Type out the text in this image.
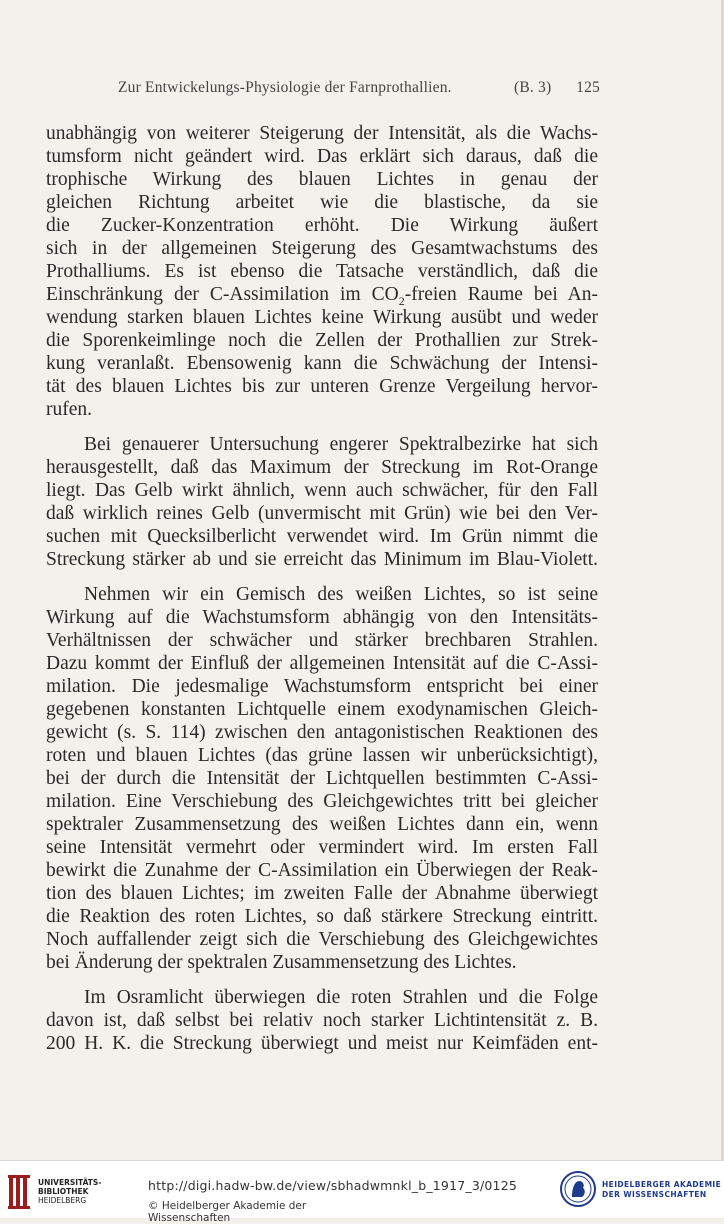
Zur Entwickelungs-Physiologie der Farnprothallien.	(B. 3) 125
unabhängig von weiterer Steigerung der Intensität, als die Wachs-
tumsform nicht geändert wird. Das erklärt sich daraus, daß die
trophische Wirkung des blauen Lichtes in genau der
gleichen Richtung arbeitet wie die blastische, da sie
die Zucker-Konzentration erhöht. Die Wirkung äußert
sich in der allgemeinen Steigerung des Gesamtwachstums des
Prothalliums. Es ist ebenso die Tatsache verständlich, daß die
Einschränkung der C-Assimilation im $CO_2$-freien Raume bei An-
wendung starken blauen Lichtes keine Wirkung ausübt und weder
die Sporenkeimlinge noch die Zellen der Prothallien zur Strek-
kung veranlaßt. Ebensowenig kann die Schwächung der Intensi-
tät des blauen Lichtes bis zur unteren Grenze Vergeilung hervor-
rufen.
Bei genauerer Untersuchung engerer Spektralbezirke hat sich
herausgestellt, daß das Maximum der Streckung im Rot-Orange
liegt. Das Gelb wirkt ähnlich, wenn auch schwächer, für den Fall
daß wirklich reines Gelb (unvermischt mit Grün) wie bei den Ver-
suchen mit Quecksilberlicht verwendet wird. Im Grün nimmt die
Streckung stärker ab und sie erreicht das Minimum im Blau-Violett.
Nehmen wir ein Gemisch des weißen Lichtes, so ist seine
Wirkung auf die Wachstumsform abhängig von den Intensitäts-
Verhältnissen der schwächer und stärker brechbaren Strahlen.
Dazu kommt der Einfluß der allgemeinen Intensität auf die C-Assi-
milation. Die jedesmalige Wachstumsform entspricht bei einer
gegebenen konstanten Lichtquelle einem exodynamischen Gleich-
gewicht (s. S. 114) zwischen den antagonistischen Reaktionen des
roten und blauen Lichtes (das grüne lassen wir unberücksichtigt),
bei der durch die Intensität der Lichtquellen bestimmten C-Assi-
milation. Eine Verschiebung des Gleichgewichtes tritt bei gleicher
spektraler Zusammensetzung des weißen Lichtes dann ein, wenn
seine Intensität vermehrt oder vermindert wird. Im ersten Fall
bewirkt die Zunahme der C-Assimilation ein Überwiegen der Reak-
tion des blauen Lichtes; im zweiten Falle der Abnahme überwiegt
die Reaktion des roten Lichtes, so daß stärkere Streckung eintritt.
Noch auffallender zeigt sich die Verschiebung des Gleichgewichtes
bei Änderung der spektralen Zusammensetzung des Lichtes.
Im Osramlicht überwiegen die roten Strahlen und die Folge
davon ist, daß selbst bei relativ noch starker Lichtintensität z. B.
200 H. K. die Streckung überwiegt und meist nur Keimfäden ent-
UNIVERSITÄTS-
BIBLIOTHEK
HEIDELBERG
http://digi.hadw-bw.de/view/sbhadwmnkl_b_1917_3/0125
© Heidelberger Akademie der Wissenschaften
HEIDELBERGER AKADEMIE
DER WISSENSCHAFTEN
